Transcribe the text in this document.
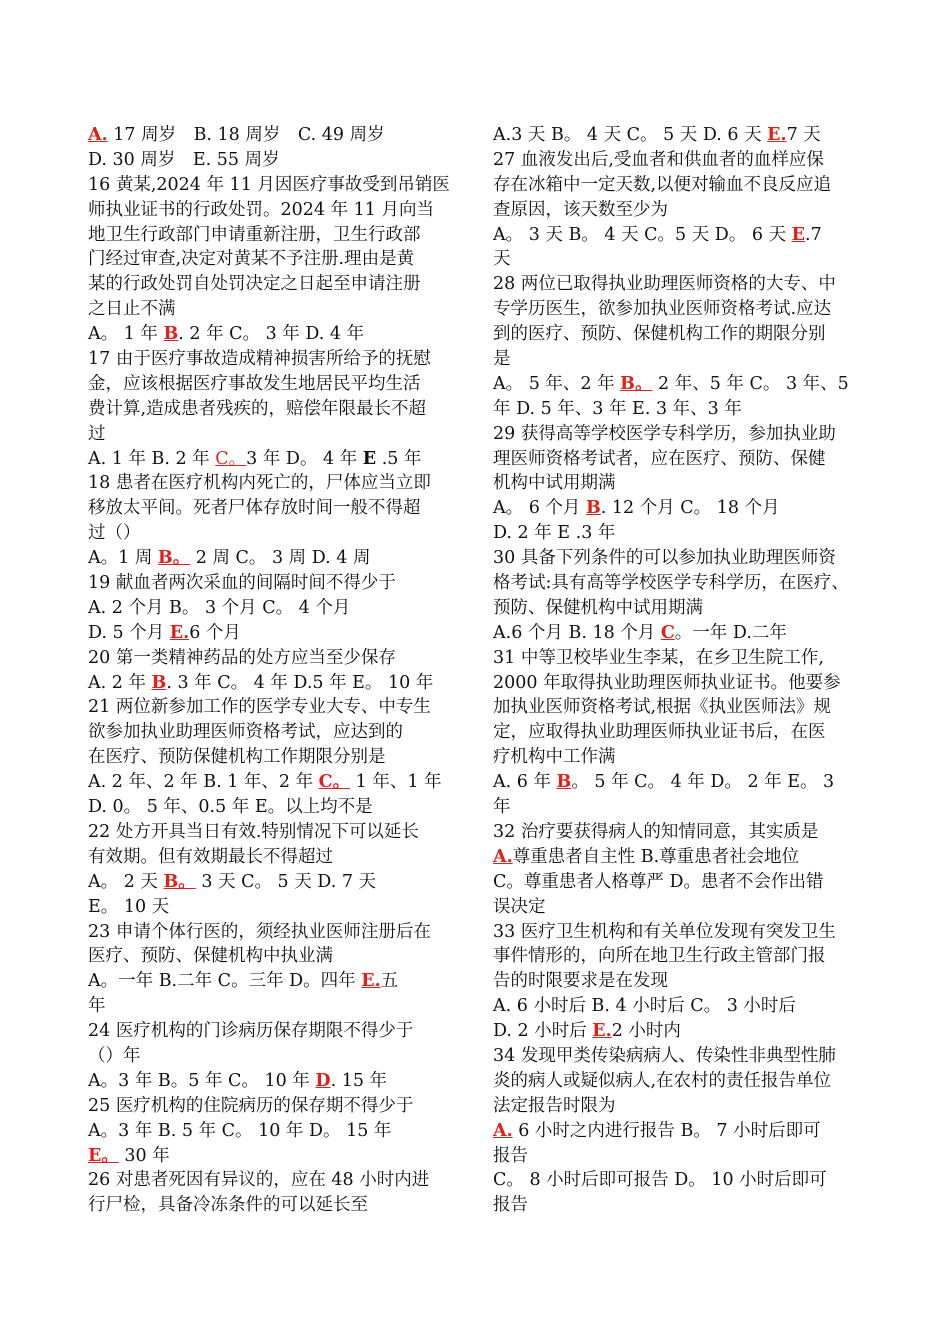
A. 17 周岁　B. 18 周岁　C. 49 周岁
D. 30 周岁　E. 55 周岁
16 黄某,2024 年 11 月因医疗事故受到吊销医
师执业证书的行政处罚。2024 年 11 月向当
地卫生行政部门申请重新注册，卫生行政部
门经过审查,决定对黄某不予注册.理由是黄
某的行政处罚自处罚决定之日起至申请注册
之日止不满
A。 1 年 B. 2 年 C。 3 年 D. 4 年
17 由于医疗事故造成精神损害所给予的抚慰
金，应该根据医疗事故发生地居民平均生活
费计算,造成患者残疾的，赔偿年限最长不超
过
A. 1 年 B. 2 年 C。3 年 D。 4 年 E .5 年
18 患者在医疗机构内死亡的，尸体应当立即
移放太平间。死者尸体存放时间一般不得超
过（）
A。1 周 B。 2 周 C。 3 周 D. 4 周
19 献血者两次采血的间隔时间不得少于
A. 2 个月 B。 3 个月 C。 4 个月
D. 5 个月 E.6 个月
20 第一类精神药品的处方应当至少保存
A. 2 年 B. 3 年 C。 4 年 D.5 年 E。 10 年
21 两位新参加工作的医学专业大专、中专生
欲参加执业助理医师资格考试，应达到的
在医疗、预防保健机构工作期限分别是
A. 2 年、2 年 B. 1 年、2 年 C。 1 年、1 年
D. 0。 5 年、0.5 年 E。以上均不是
22 处方开具当日有效.特别情况下可以延长
有效期。但有效期最长不得超过
A。 2 天 B。 3 天 C。 5 天 D. 7 天
E。 10 天
23 申请个体行医的，须经执业医师注册后在
医疗、预防、保健机构中执业满
A。一年 B.二年 C。三年 D。四年 E.五
年
24 医疗机构的门诊病历保存期限不得少于
（）年
A。3 年 B。5 年 C。 10 年 D. 15 年
25 医疗机构的住院病历的保存期不得少于
A。3 年 B. 5 年 C。 10 年 D。 15 年
E。 30 年
26 对患者死因有异议的，应在 48 小时内进
行尸检，具备冷冻条件的可以延长至
A.3 天 B。 4 天 C。 5 天 D. 6 天 E.7 天
27 血液发出后,受血者和供血者的血样应保
存在冰箱中一定天数,以便对输血不良反应追
查原因，该天数至少为
A。 3 天 B。 4 天 C。5 天 D。 6 天 E.7
天
28 两位已取得执业助理医师资格的大专、中
专学历医生，欲参加执业医师资格考试.应达
到的医疗、预防、保健机构工作的期限分别
是
A。 5 年、2 年 B。 2 年、5 年 C。 3 年、5
年 D. 5 年、3 年 E. 3 年、3 年
29 获得高等学校医学专科学历，参加执业助
理医师资格考试者，应在医疗、预防、保健
机构中试用期满
A。 6 个月 B. 12 个月 C。 18 个月
D. 2 年 E .3 年
30 具备下列条件的可以参加执业助理医师资
格考试:具有高等学校医学专科学历，在医疗、
预防、保健机构中试用期满
A.6 个月 B. 18 个月 C。一年 D.二年
31 中等卫校毕业生李某，在乡卫生院工作,
2000 年取得执业助理医师执业证书。他要参
加执业医师资格考试,根据《执业医师法》规
定，应取得执业助理医师执业证书后，在医
疗机构中工作满
A. 6 年 B。 5 年 C。 4 年 D。 2 年 E。 3
年
32 治疗要获得病人的知情同意，其实质是
A.尊重患者自主性 B.尊重患者社会地位
C。尊重患者人格尊严 D。患者不会作出错
误决定
33 医疗卫生机构和有关单位发现有突发卫生
事件情形的，向所在地卫生行政主管部门报
告的时限要求是在发现
A. 6 小时后 B. 4 小时后 C。 3 小时后
D. 2 小时后 E.2 小时内
34 发现甲类传染病病人、传染性非典型性肺
炎的病人或疑似病人,在农村的责任报告单位
法定报告时限为
A. 6 小时之内进行报告 B。 7 小时后即可
报告
C。 8 小时后即可报告 D。 10 小时后即可
报告
